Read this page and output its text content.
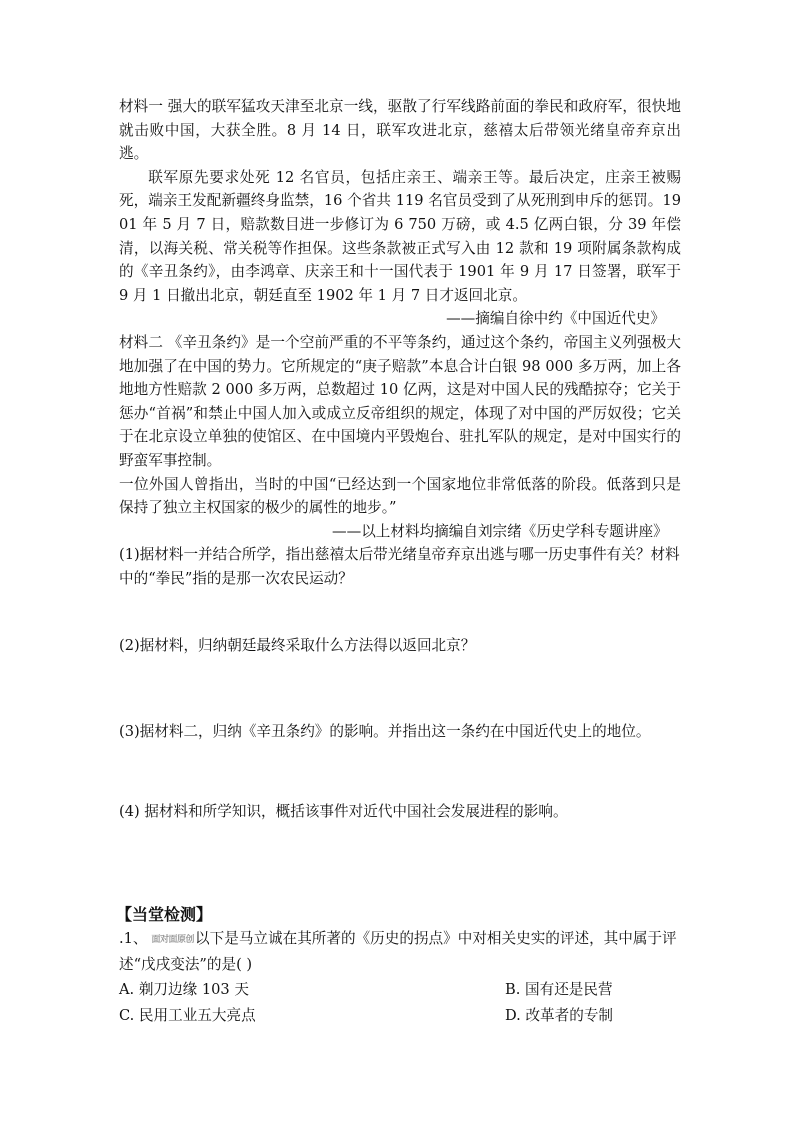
材料一 强大的联军猛攻天津至北京一线，驱散了行军线路前面的拳民和政府军，很快地就击败中国，大获全胜。8 月 14 日，联军攻进北京，慈禧太后带领光绪皇帝弃京出逃。

联军原先要求处死 12 名官员，包括庄亲王、端亲王等。最后决定，庄亲王被赐死，端亲王发配新疆终身监禁，16 个省共 119 名官员受到了从死刑到申斥的惩罚。1901 年 5 月 7 日，赔款数目进一步修订为 6 750 万磅，或 4.5 亿两白银，分 39 年偿清，以海关税、常关税等作担保。这些条款被正式写入由 12 款和 19 项附属条款构成的《辛丑条约》，由李鸿章、庆亲王和十一国代表于 1901 年 9 月 17 日签署，联军于 9 月 1 日撤出北京，朝廷直至 1902 年 1 月 7 日才返回北京。

——摘编自徐中约《中国近代史》

材料二 《辛丑条约》是一个空前严重的不平等条约，通过这个条约，帝国主义列强极大地加强了在中国的势力。它所规定的“庚子赔款”本息合计白银 98 000 多万两，加上各地地方性赔款 2 000 多万两，总数超过 10 亿两，这是对中国人民的残酷掠夺；它关于惩办“首祸”和禁止中国人加入或成立反帝组织的规定，体现了对中国的严厉奴役；它关于在北京设立单独的使馆区、在中国境内平毁炮台、驻扎军队的规定，是对中国实行的野蛮军事控制。

一位外国人曾指出，当时的中国“已经达到一个国家地位非常低落的阶段。低落到只是保持了独立主权国家的极少的属性的地步。”

——以上材料均摘编自刘宗绪《历史学科专题讲座》

(1)据材料一并结合所学，指出慈禧太后带光绪皇帝弃京出逃与哪一历史事件有关？材料中的“拳民”指的是那一次农民运动？

(2)据材料，归纳朝廷最终采取什么方法得以返回北京？

(3)据材料二，归纳《辛丑条约》的影响。并指出这一条约在中国近代史上的地位。

(4) 据材料和所学知识，概括该事件对近代中国社会发展进程的影响。

【当堂检测】

.1、 面对面原创以下是马立诚在其所著的《历史的拐点》中对相关史实的评述，其中属于评述“戊戌变法”的是( )

A. 剃刀边缘 103 天	B. 国有还是民营
C. 民用工业五大亮点	D. 改革者的专制
